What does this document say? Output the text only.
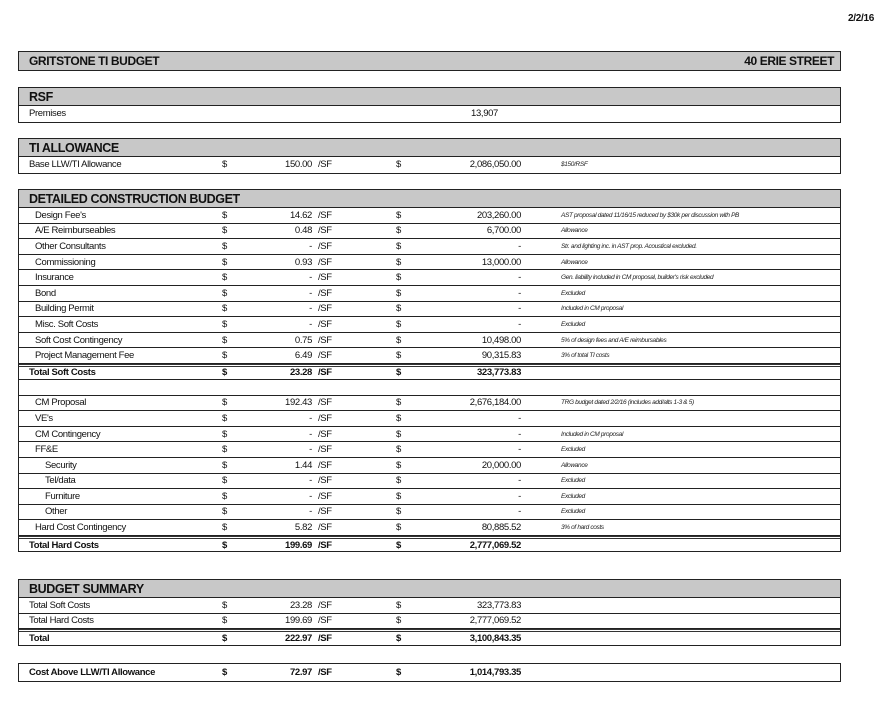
2/2/16
GRITSTONE TI BUDGET	40 ERIE STREET
RSF
Premises	13,907
TI ALLOWANCE
Base LLW/TI Allowance	$	150.00 /SF	$	2,086,050.00	$150/RSF
DETAILED CONSTRUCTION BUDGET
Design Fee's	$	14.62 /SF	$	203,260.00	AST proposal dated 11/16/15 reduced by $30k per discussion with PB
A/E Reimburseables	$	0.48 /SF	$	6,700.00	Allowance
Other Consultants	$	- /SF	$	-	Str. and lighting inc. in AST prop. Acoustical excluded.
Commissioning	$	0.93 /SF	$	13,000.00	Allowance
Insurance	$	- /SF	$	-	Gen. liability included in CM proposal, builder's risk excluded
Bond	$	- /SF	$	-	Excluded
Building Permit	$	- /SF	$	-	Included in CM proposal
Misc. Soft Costs	$	- /SF	$	-	Excluded
Soft Cost Contingency	$	0.75 /SF	$	10,498.00	5% of design fees and A/E reimbursables
Project Management Fee	$	6.49 /SF	$	90,315.83	3% of total TI costs
Total Soft Costs	$	23.28 /SF	$	323,773.83
CM Proposal	$	192.43 /SF	$	2,676,184.00	TRG budget dated 2/2/16 (includes add/alts 1-3 & 5)
VE's	$	- /SF	$	-
CM Contingency	$	- /SF	$	-	Included in CM proposal
FF&E	$	- /SF	$	-	Excluded
Security	$	1.44 /SF	$	20,000.00	Allowance
Tel/data	$	- /SF	$	-	Excluded
Furniture	$	- /SF	$	-	Excluded
Other	$	- /SF	$	-	Excluded
Hard Cost Contingency	$	5.82 /SF	$	80,885.52	3% of hard costs
Total Hard Costs	$	199.69 /SF	$	2,777,069.52
BUDGET SUMMARY
Total Soft Costs	$	23.28 /SF	$	323,773.83
Total Hard Costs	$	199.69 /SF	$	2,777,069.52
Total	$	222.97 /SF	$	3,100,843.35
Cost Above LLW/TI Allowance	$	72.97 /SF	$	1,014,793.35
